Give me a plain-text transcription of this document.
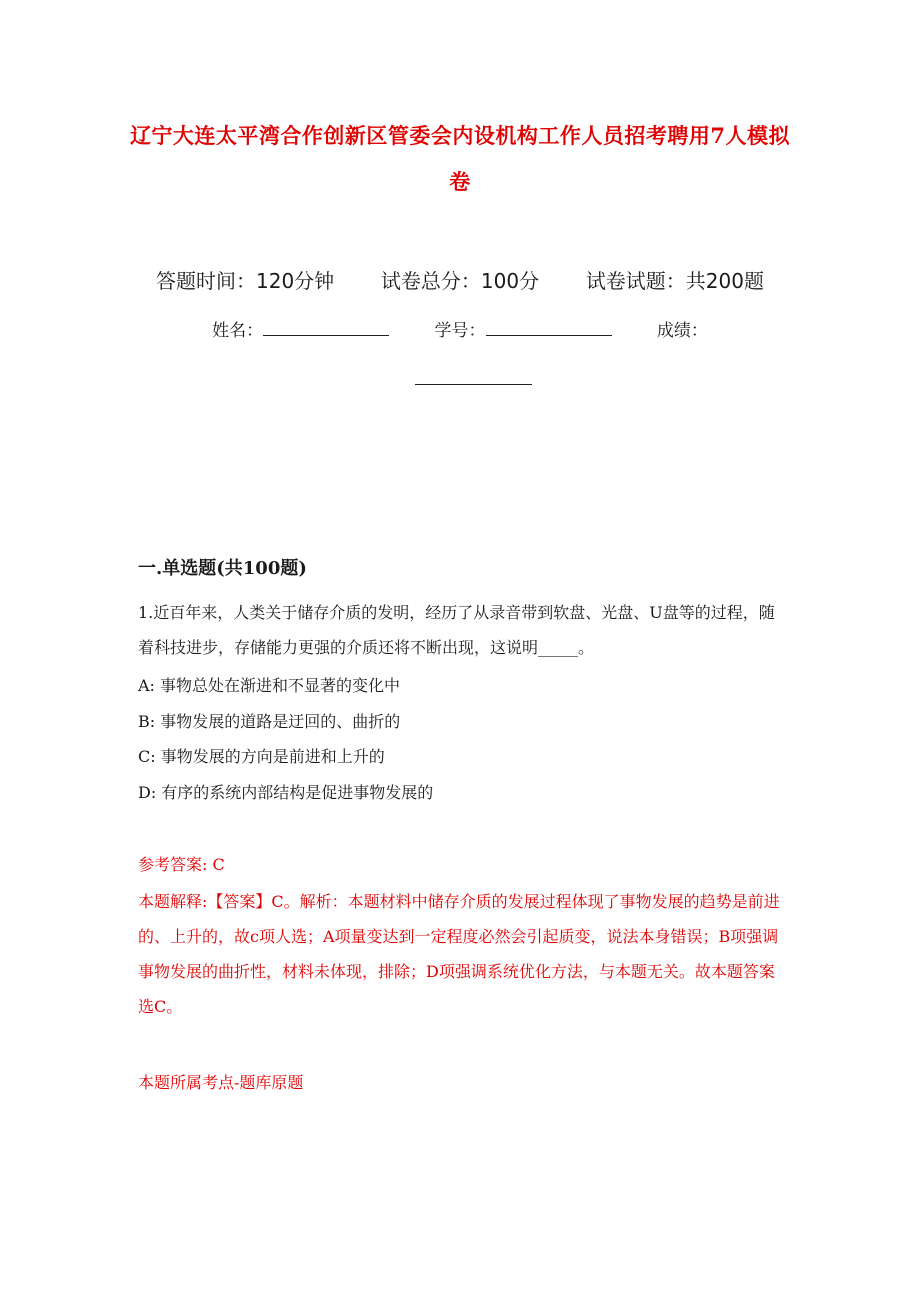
辽宁大连太平湾合作创新区管委会内设机构工作人员招考聘用7人模拟卷
答题时间：120分钟 试卷总分：100分 试卷试题：共200题
姓名：	学号：	成绩：
一.单选题(共100题)

1.近百年来，人类关于储存介质的发明，经历了从录音带到软盘、光盘、U盘等的过程，随着科技进步，存储能力更强的介质还将不断出现，这说明_____。

A: 事物总处在渐进和不显著的变化中
B: 事物发展的道路是迂回的、曲折的
C: 事物发展的方向是前进和上升的
D: 有序的系统内部结构是促进事物发展的

参考答案: C

本题解释:【答案】C。解析：本题材料中储存介质的发展过程体现了事物发展的趋势是前进的、上升的，故c项人选；A项量变达到一定程度必然会引起质变，说法本身错误；B项强调事物发展的曲折性，材料未体现，排除；D项强调系统优化方法，与本题无关。故本题答案选C。

本题所属考点-题库原题
